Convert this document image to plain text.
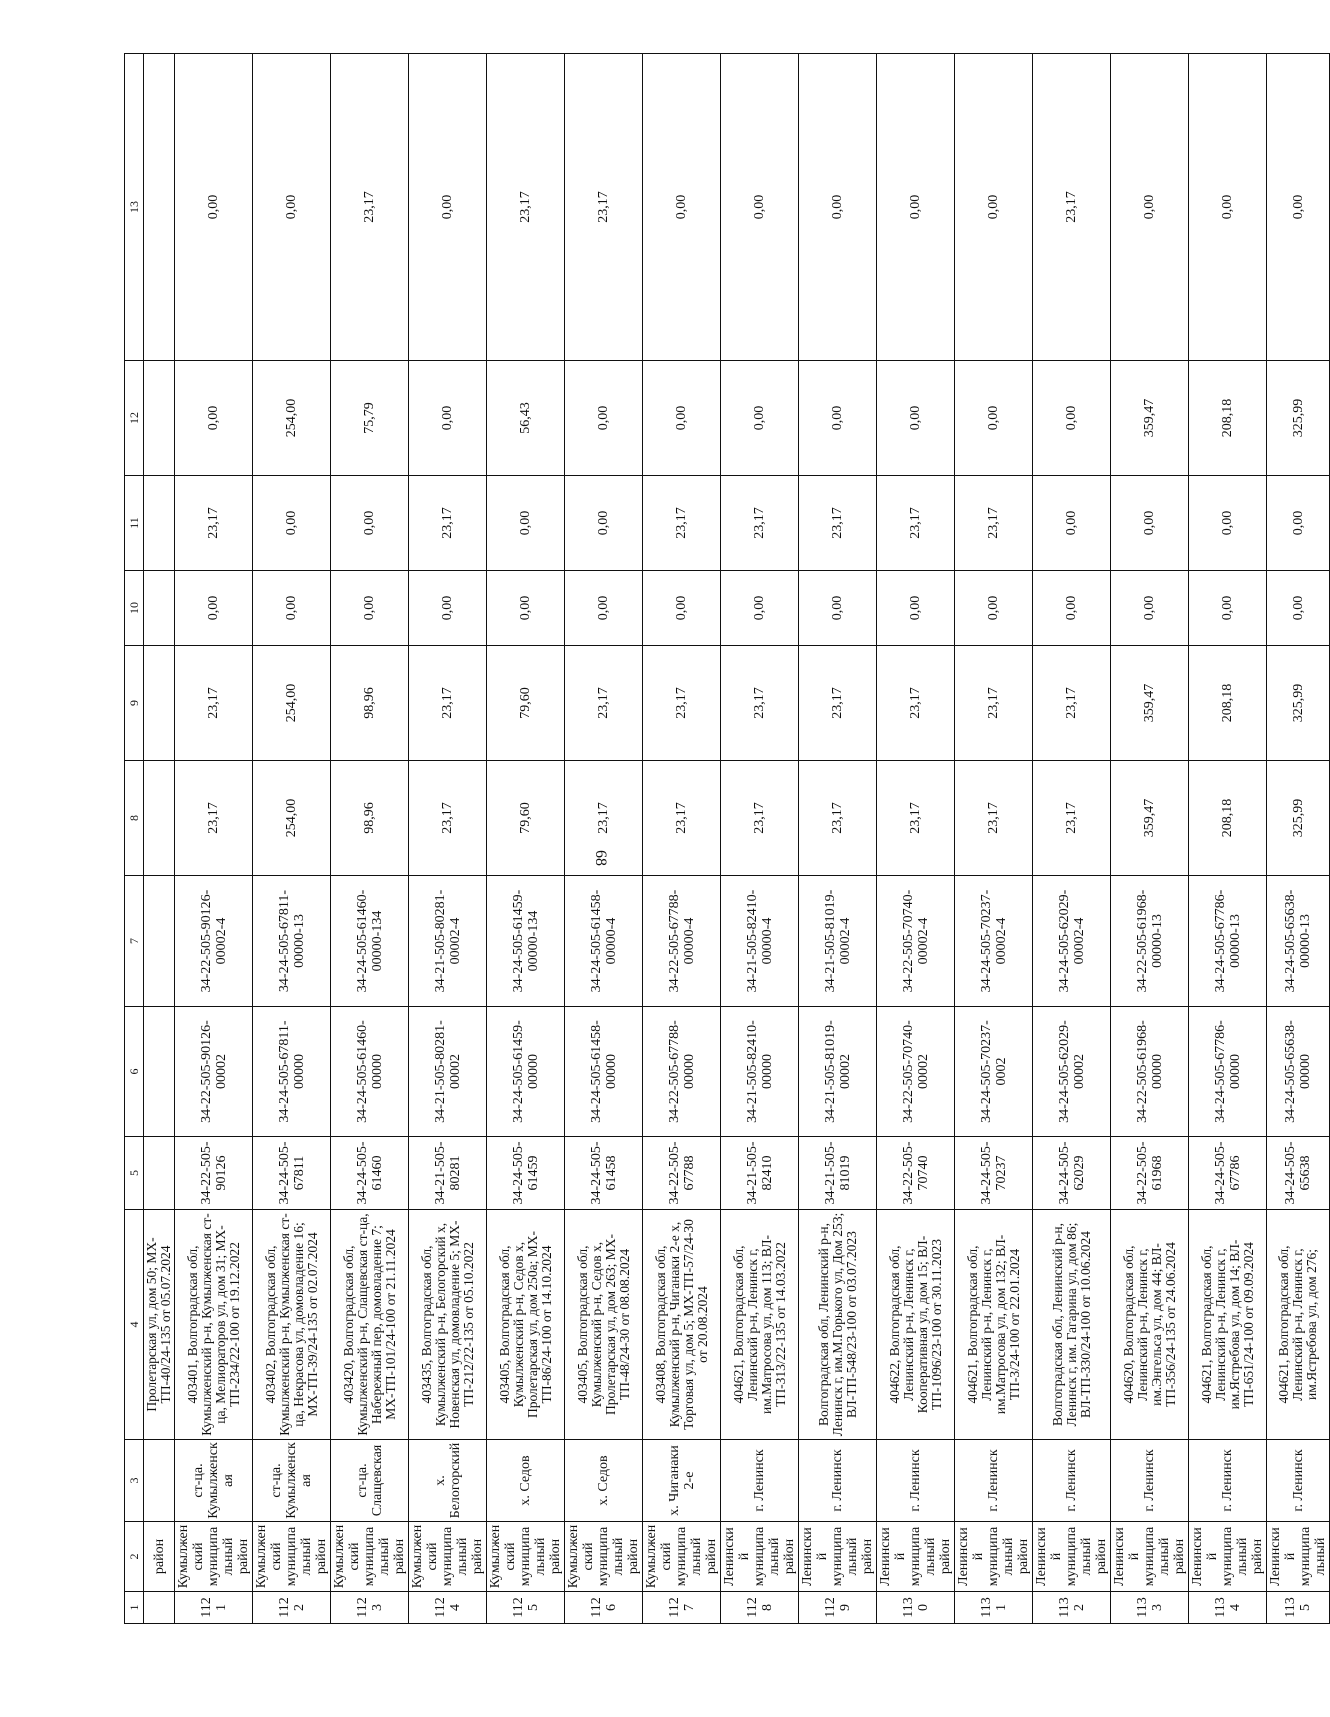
68
1	2	3	4	5	6	7	8	9	10	11	12	13
	район		Пролетарская ул, дом 50; МХ-ТП-40/24-135 от 05.07.2024									
1121	Кумылженский муниципальный район	ст-ца. Кумылженская	403401, Волгоградская обл, Кумылженский р-н, Кумылженская ст-ца, Мелиораторов ул, дом 31; МХ-ТП-234/22-100 от 19.12.2022	34-22-505-90126	34-22-505-90126-00002	34-22-505-90126-00002-4	23,17	23,17	0,00	23,17	0,00	0,00
1122	Кумылженский муниципальный район	ст-ца. Кумылженская	403402, Волгоградская обл, Кумылженский р-н, Кумылженская ст-ца, Некрасова ул, домовладение 16; МХ-ТП-39/24-135 от 02.07.2024	34-24-505-67811	34-24-505-67811-00000	34-24-505-67811-00000-13	254,00	254,00	0,00	0,00	254,00	0,00
1123	Кумылженский муниципальный район	ст-ца. Слащевская	403420, Волгоградская обл, Кумылженский р-н, Слащевская ст-ца, Набережный пер, домовладение 7; МХ-ТП-101/24-100 от 21.11.2024	34-24-505-61460	34-24-505-61460-00000	34-24-505-61460-00000-134	98,96	98,96	0,00	0,00	75,79	23,17
1124	Кумылженский муниципальный район	х. Белогорский	403435, Волгоградская обл, Кумылженский р-н, Белогорский х, Новенская ул, домовладение 5; МХ-ТП-212/22-135 от 05.10.2022	34-21-505-80281	34-21-505-80281-00002	34-21-505-80281-00002-4	23,17	23,17	0,00	23,17	0,00	0,00
1125	Кумылженский муниципальный район	х. Седов	403405, Волгоградская обл, Кумылженский р-н, Седов х, Пролетарская ул, дом 250а; МХ-ТП-86/24-100 от 14.10.2024	34-24-505-61459	34-24-505-61459-00000	34-24-505-61459-00000-134	79,60	79,60	0,00	0,00	56,43	23,17
1126	Кумылженский муниципальный район	х. Седов	403405, Волгоградская обл, Кумылженский р-н, Седов х, Пролетарская ул, дом 263; МХ-ТП-48/24-30 от 08.08.2024	34-24-505-61458	34-24-505-61458-00000	34-24-505-61458-00000-4	23,17	23,17	0,00	0,00	0,00	23,17
1127	Кумылженский муниципальный район	х. Чиганаки 2-е	403408, Волгоградская обл, Кумылженский р-н, Чиганаки 2-е х, Торговая ул, дом 5; МХ-ТП-57/24-30 от 20.08.2024	34-22-505-67788	34-22-505-67788-00000	34-22-505-67788-00000-4	23,17	23,17	0,00	23,17	0,00	0,00
1128	Ленинский муниципальный район	г. Ленинск	404621, Волгоградская обл, Ленинский р-н, Ленинск г, им.Матросова ул, дом 113; ВЛ-ТП-313/22-135 от 14.03.2022	34-21-505-82410	34-21-505-82410-00000	34-21-505-82410-00000-4	23,17	23,17	0,00	23,17	0,00	0,00
1129	Ленинский муниципальный район	г. Ленинск	Волгоградская обл, Ленинский р-н, Ленинск г, им.М.Горького ул, Дом 253; ВЛ-ТП-548/23-100 от 03.07.2023	34-21-505-81019	34-21-505-81019-00002	34-21-505-81019-00002-4	23,17	23,17	0,00	23,17	0,00	0,00
1130	Ленинский муниципальный район	г. Ленинск	404622, Волгоградская обл, Ленинский р-н, Ленинск г, Кооперативная ул, дом 15; ВЛ-ТП-1096/23-100 от 30.11.2023	34-22-505-70740	34-22-505-70740-00002	34-22-505-70740-00002-4	23,17	23,17	0,00	23,17	0,00	0,00
1131	Ленинский муниципальный район	г. Ленинск	404621, Волгоградская обл, Ленинский р-н, Ленинск г, им.Матросова ул, дом 132; ВЛ-ТП-3/24-100 от 22.01.2024	34-24-505-70237	34-24-505-70237-0002	34-24-505-70237-00002-4	23,17	23,17	0,00	23,17	0,00	0,00
1132	Ленинский муниципальный район	г. Ленинск	Волгоградская обл, Ленинский р-н, Ленинск г, им. Гагарина ул, дом 86; ВЛ-ТП-330/24-100 от 10.06.2024	34-24-505-62029	34-24-505-62029-00002	34-24-505-62029-00002-4	23,17	23,17	0,00	0,00	0,00	23,17
1133	Ленинский муниципальный район	г. Ленинск	404620, Волгоградская обл, Ленинский р-н, Ленинск г, им.Энгельса ул, дом 44; ВЛ-ТП-356/24-135 от 24.06.2024	34-22-505-61968	34-22-505-61968-00000	34-22-505-61968-00000-13	359,47	359,47	0,00	0,00	359,47	0,00
1134	Ленинский муниципальный район	г. Ленинск	404621, Волгоградская обл, Ленинский р-н, Ленинск г, им.Ястребова ул, дом 14; ВЛ-ТП-651/24-100 от 09.09.2024	34-24-505-67786	34-24-505-67786-00000	34-24-505-67786-00000-13	208,18	208,18	0,00	0,00	208,18	0,00
1135	Ленинский муниципальный	г. Ленинск	404621, Волгоградская обл, Ленинский р-н, Ленинск г, им.Ястребова ул, дом 276;	34-24-505-65638	34-24-505-65638-00000	34-24-505-65638-00000-13	325,99	325,99	0,00	0,00	325,99	0,00
